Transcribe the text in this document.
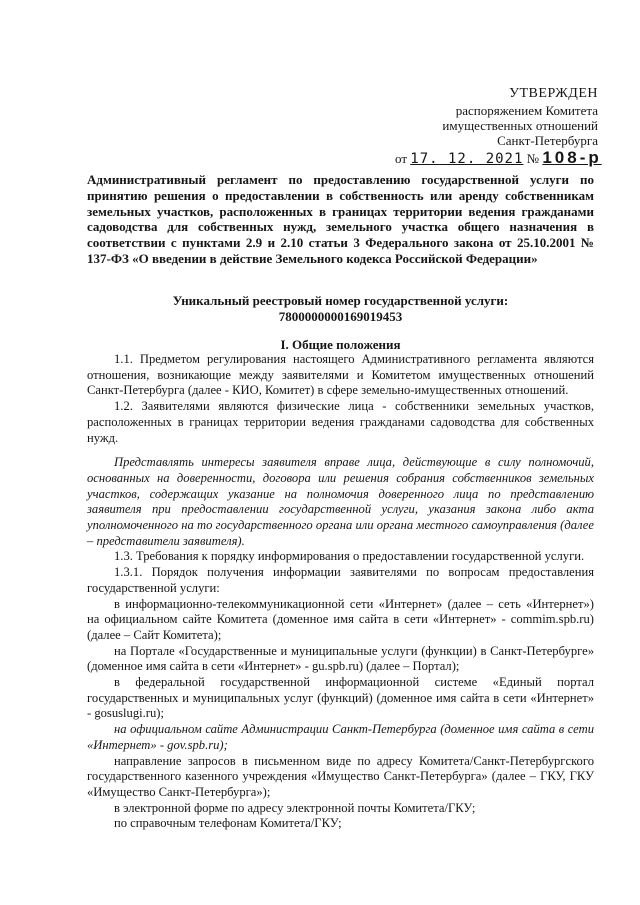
УТВЕРЖДЕН
распоряжением Комитета
имущественных отношений
Санкт-Петербурга
от 17. 12. 2021 № 108-р
Административный регламент по предоставлению государственной услуги по принятию решения о предоставлении в собственность или аренду собственникам земельных участков, расположенных в границах территории ведения гражданами садоводства для собственных нужд, земельного участка общего назначения в соответствии с пунктами 2.9 и 2.10 статьи 3 Федерального закона от 25.10.2001 № 137-ФЗ «О введении в действие Земельного кодекса Российской Федерации»
Уникальный реестровый номер государственной услуги:
7800000000169019453
I. Общие положения

1.1. Предметом регулирования настоящего Административного регламента являются отношения, возникающие между заявителями и Комитетом имущественных отношений Санкт-Петербурга (далее - КИО, Комитет) в сфере земельно-имущественных отношений.

1.2. Заявителями являются физические лица - собственники земельных участков, расположенных в границах территории ведения гражданами садоводства для собственных нужд.

Представлять интересы заявителя вправе лица, действующие в силу полномочий, основанных на доверенности, договора или решения собрания собственников земельных участков, содержащих указание на полномочия доверенного лица по представлению заявителя при предоставлении государственной услуги, указания закона либо акта уполномоченного на то государственного органа или органа местного самоуправления (далее – представители заявителя).

1.3. Требования к порядку информирования о предоставлении государственной услуги.

1.3.1. Порядок получения информации заявителями по вопросам предоставления государственной услуги:

в информационно-телекоммуникационной сети «Интернет» (далее – сеть «Интернет») на официальном сайте Комитета (доменное имя сайта в сети «Интернет» - commim.spb.ru) (далее – Сайт Комитета);

на Портале «Государственные и муниципальные услуги (функции) в Санкт-Петербурге» (доменное имя сайта в сети «Интернет» - gu.spb.ru) (далее – Портал);

в федеральной государственной информационной системе «Единый портал государственных и муниципальных услуг (функций) (доменное имя сайта в сети «Интернет» - gosuslugi.ru);

на официальном сайте Администрации Санкт-Петербурга (доменное имя сайта в сети «Интернет» - gov.spb.ru);

направление запросов в письменном виде по адресу Комитета/Санкт-Петербургского государственного казенного учреждения «Имущество Санкт-Петербурга» (далее – ГКУ, ГКУ «Имущество Санкт-Петербурга»);

в электронной форме по адресу электронной почты Комитета/ГКУ;

по справочным телефонам Комитета/ГКУ;
